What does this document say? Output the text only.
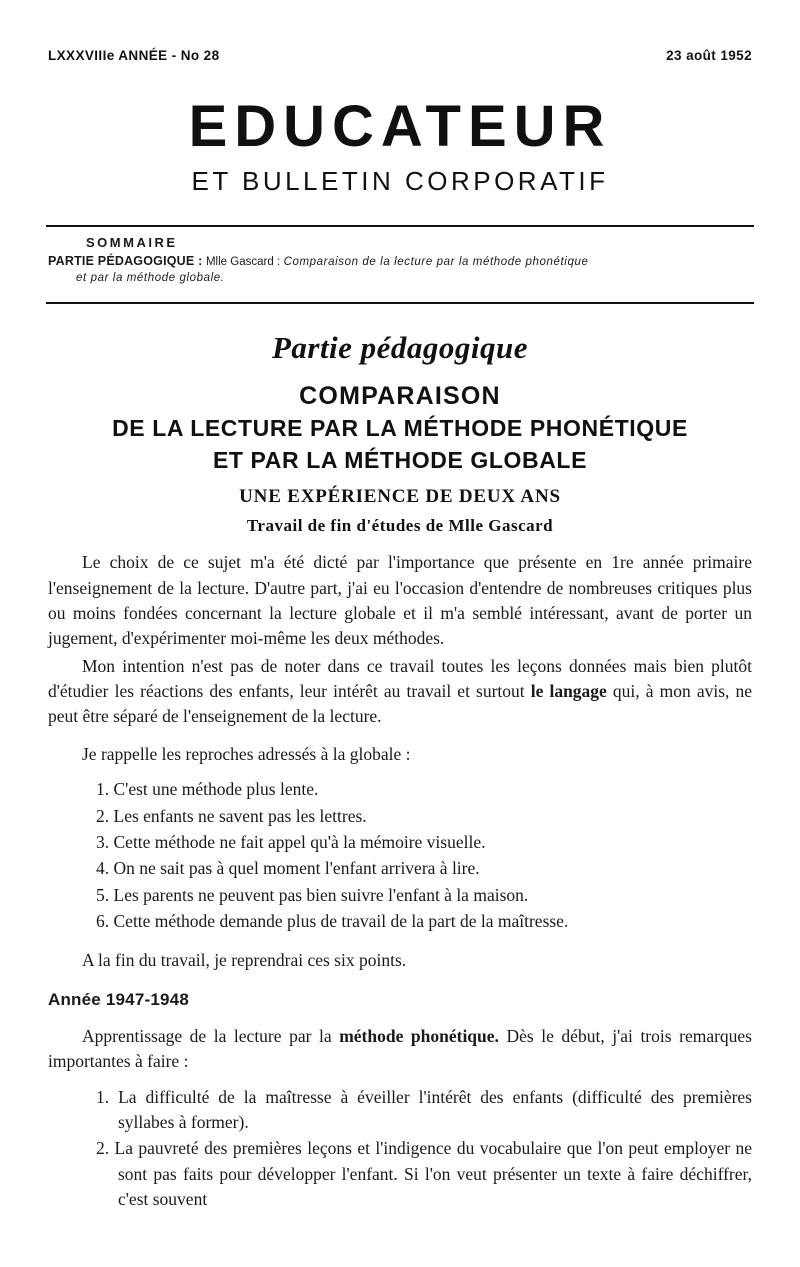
LXXXVIIIe ANNÉE - No 28	23 août 1952
EDUCATEUR
ET BULLETIN CORPORATIF
SOMMAIRE
PARTIE PÉDAGOGIQUE : Mlle Gascard : Comparaison de la lecture par la méthode phonétique
et par la méthode globale.
Partie pédagogique
COMPARAISON
DE LA LECTURE PAR LA MÉTHODE PHONÉTIQUE
ET PAR LA MÉTHODE GLOBALE
UNE EXPÉRIENCE DE DEUX ANS
Travail de fin d'études de Mlle Gascard

Le choix de ce sujet m'a été dicté par l'importance que présente en 1re année primaire l'enseignement de la lecture. D'autre part, j'ai eu l'occasion d'entendre de nombreuses critiques plus ou moins fondées concernant la lecture globale et il m'a semblé intéressant, avant de porter un jugement, d'expérimenter moi-même les deux méthodes.

Mon intention n'est pas de noter dans ce travail toutes les leçons données mais bien plutôt d'étudier les réactions des enfants, leur intérêt au travail et surtout le langage qui, à mon avis, ne peut être séparé de l'enseignement de la lecture.

Je rappelle les reproches adressés à la globale :

1. C'est une méthode plus lente.
2. Les enfants ne savent pas les lettres.
3. Cette méthode ne fait appel qu'à la mémoire visuelle.
4. On ne sait pas à quel moment l'enfant arrivera à lire.
5. Les parents ne peuvent pas bien suivre l'enfant à la maison.
6. Cette méthode demande plus de travail de la part de la maîtresse.

A la fin du travail, je reprendrai ces six points.

Année 1947-1948

Apprentissage de la lecture par la méthode phonétique. Dès le début, j'ai trois remarques importantes à faire :

1. La difficulté de la maîtresse à éveiller l'intérêt des enfants (difficulté des premières syllabes à former).
2. La pauvreté des premières leçons et l'indigence du vocabulaire que l'on peut employer ne sont pas faits pour développer l'enfant. Si l'on veut présenter un texte à faire déchiffrer, c'est souvent
